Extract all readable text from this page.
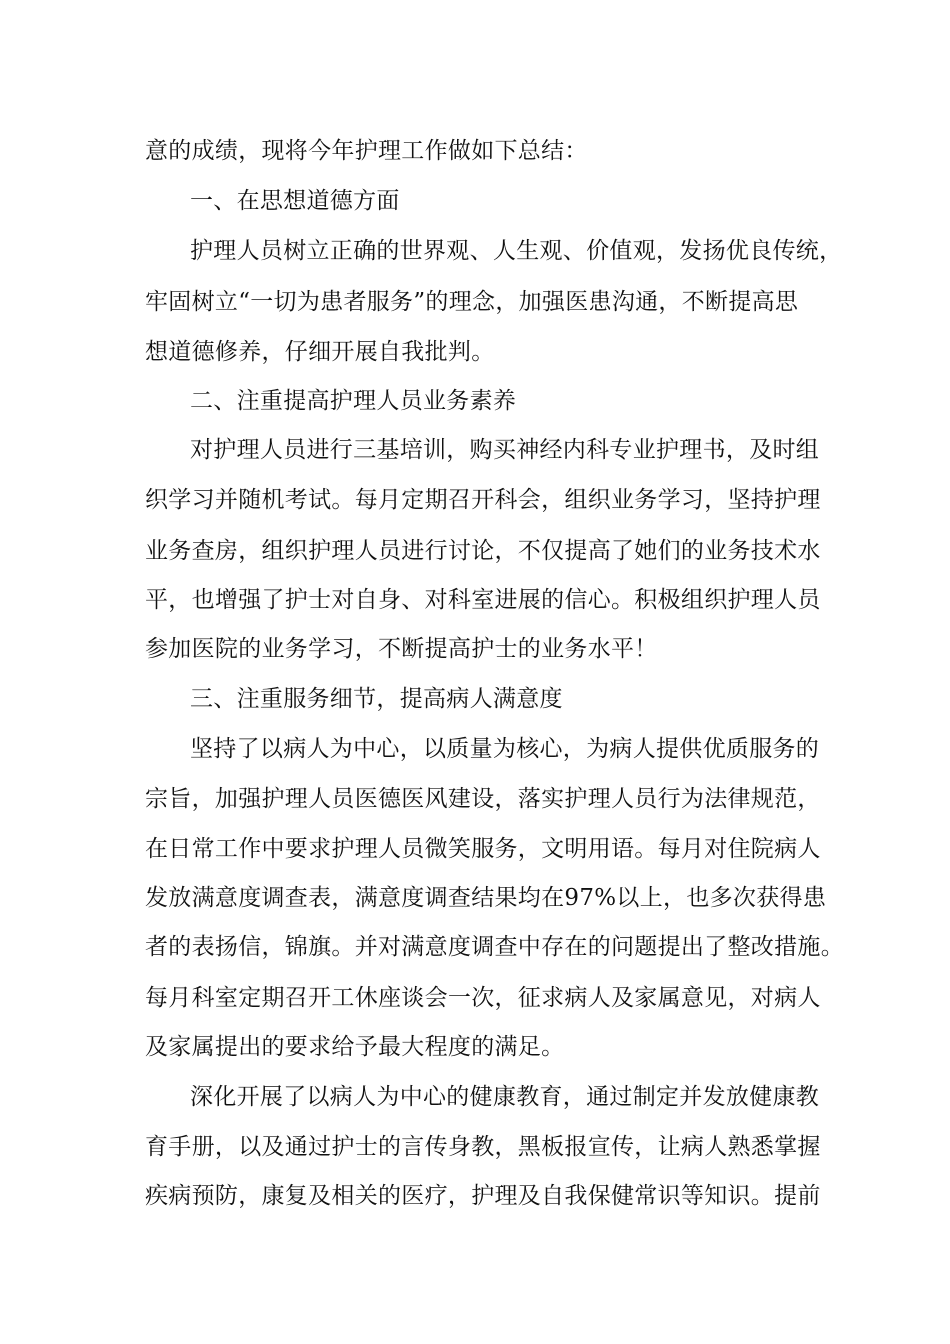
意的成绩，现将今年护理工作做如下总结：
一、在思想道德方面
护理人员树立正确的世界观、人生观、价值观，发扬优良传统，
牢固树立“一切为患者服务”的理念，加强医患沟通，不断提高思
想道德修养，仔细开展自我批判。
二、注重提高护理人员业务素养
对护理人员进行三基培训，购买神经内科专业护理书，及时组
织学习并随机考试。每月定期召开科会，组织业务学习，坚持护理
业务查房，组织护理人员进行讨论，不仅提高了她们的业务技术水
平，也增强了护士对自身、对科室进展的信心。积极组织护理人员
参加医院的业务学习，不断提高护士的业务水平！
三、注重服务细节，提高病人满意度
坚持了以病人为中心，以质量为核心，为病人提供优质服务的
宗旨，加强护理人员医德医风建设，落实护理人员行为法律规范，
在日常工作中要求护理人员微笑服务，文明用语。每月对住院病人
发放满意度调查表，满意度调查结果均在97%以上，也多次获得患
者的表扬信，锦旗。并对满意度调查中存在的问题提出了整改措施。
每月科室定期召开工休座谈会一次，征求病人及家属意见，对病人
及家属提出的要求给予最大程度的满足。
深化开展了以病人为中心的健康教育，通过制定并发放健康教
育手册，以及通过护士的言传身教，黑板报宣传，让病人熟悉掌握
疾病预防，康复及相关的医疗，护理及自我保健常识等知识。提前
